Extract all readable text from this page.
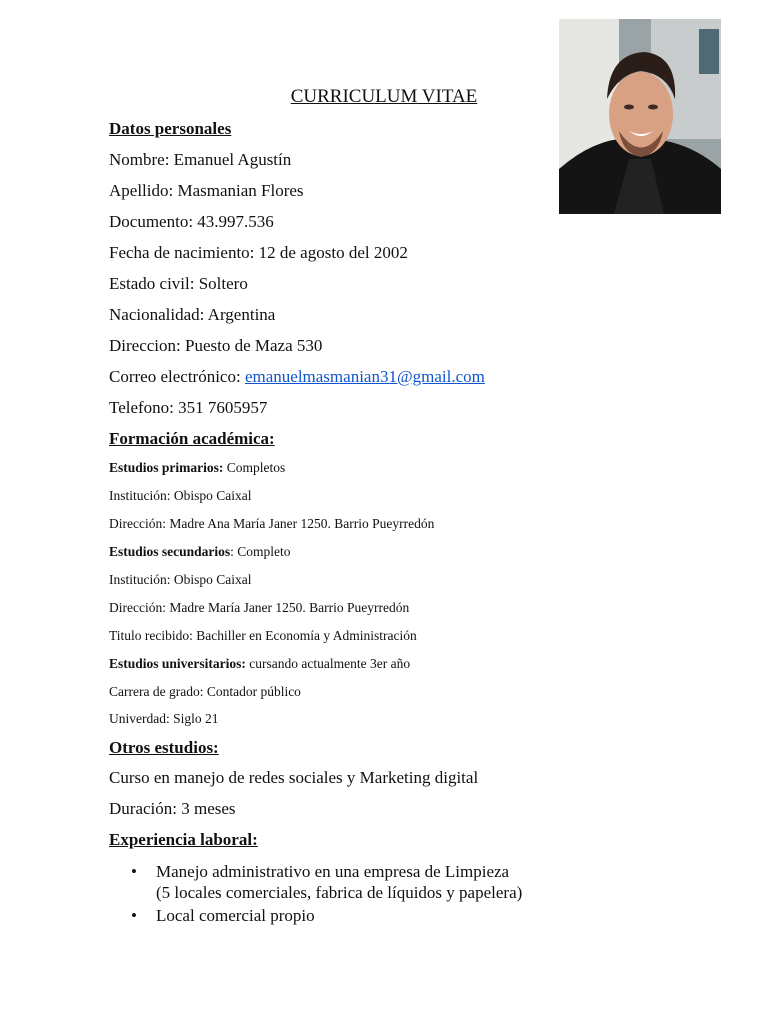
CURRICULUM VITAE
Datos personales
Nombre: Emanuel Agustín
Apellido: Masmanian Flores
Documento: 43.997.536
Fecha de nacimiento: 12 de agosto del 2002
Estado civil: Soltero
Nacionalidad: Argentina
Direccion: Puesto de Maza 530
Correo electrónico: emanuelmasmanian31@gmail.com
Telefono: 351 7605957
Formación académica:
Estudios primarios: Completos
Institución: Obispo Caixal
Dirección: Madre Ana María Janer 1250. Barrio Pueyrredón
Estudios secundarios: Completo
Institución: Obispo Caixal
Dirección: Madre María Janer 1250. Barrio Pueyrredón
Titulo recibido: Bachiller en Economía y Administración
Estudios universitarios: cursando actualmente 3er año
Carrera de grado: Contador público
Univerdad: Siglo 21
Otros estudios:
Curso en manejo de redes sociales y Marketing digital
Duración: 3 meses
Experiencia laboral:
• Manejo administrativo en una empresa de Limpieza
(5 locales comerciales, fabrica de líquidos y papelera)
• Local comercial propio
